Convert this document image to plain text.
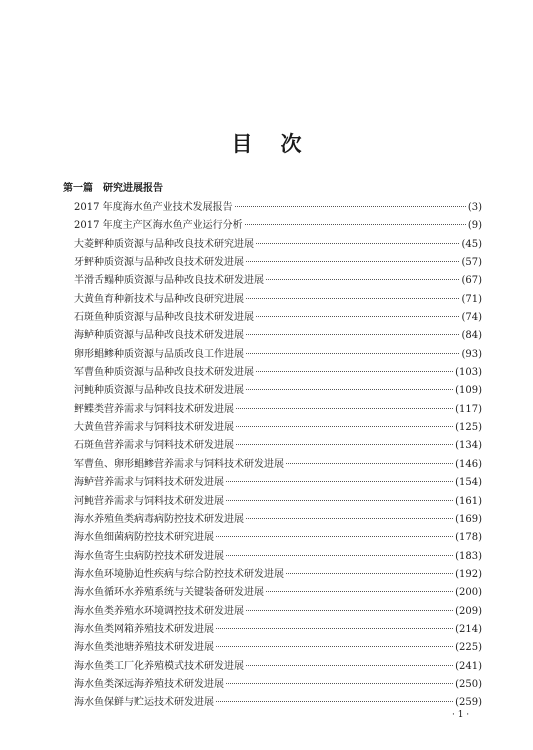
目 次
第一篇 研究进展报告
2017 年度海水鱼产业技术发展报告	(3)
2017 年度主产区海水鱼产业运行分析	(9)
大菱鲆种质资源与品种改良技术研究进展	(45)
牙鲆种质资源与品种改良技术研发进展	(57)
半滑舌鳎种质资源与品种改良技术研发进展	(67)
大黄鱼育种新技术与品种改良研究进展	(71)
石斑鱼种质资源与品种改良技术研发进展	(74)
海鲈种质资源与品种改良技术研发进展	(84)
卵形鲳鲹种质资源与品质改良工作进展	(93)
军曹鱼种质资源与品种改良技术研发进展	(103)
河鲀种质资源与品种改良技术研发进展	(109)
鲆鲽类营养需求与饲料技术研发进展	(117)
大黄鱼营养需求与饲料技术研发进展	(125)
石斑鱼营养需求与饲料技术研发进展	(134)
军曹鱼、卵形鲳鲹营养需求与饲料技术研发进展	(146)
海鲈营养需求与饲料技术研发进展	(154)
河鲀营养需求与饲料技术研发进展	(161)
海水养殖鱼类病毒病防控技术研发进展	(169)
海水鱼细菌病防控技术研究进展	(178)
海水鱼寄生虫病防控技术研发进展	(183)
海水鱼环境胁迫性疾病与综合防控技术研发进展	(192)
海水鱼循环水养殖系统与关键装备研发进展	(200)
海水鱼类养殖水环境调控技术研发进展	(209)
海水鱼类网箱养殖技术研发进展	(214)
海水鱼类池塘养殖技术研发进展	(225)
海水鱼类工厂化养殖模式技术研发进展	(241)
海水鱼类深远海养殖技术研发进展	(250)
海水鱼保鲜与贮运技术研发进展	(259)
· 1 ·
